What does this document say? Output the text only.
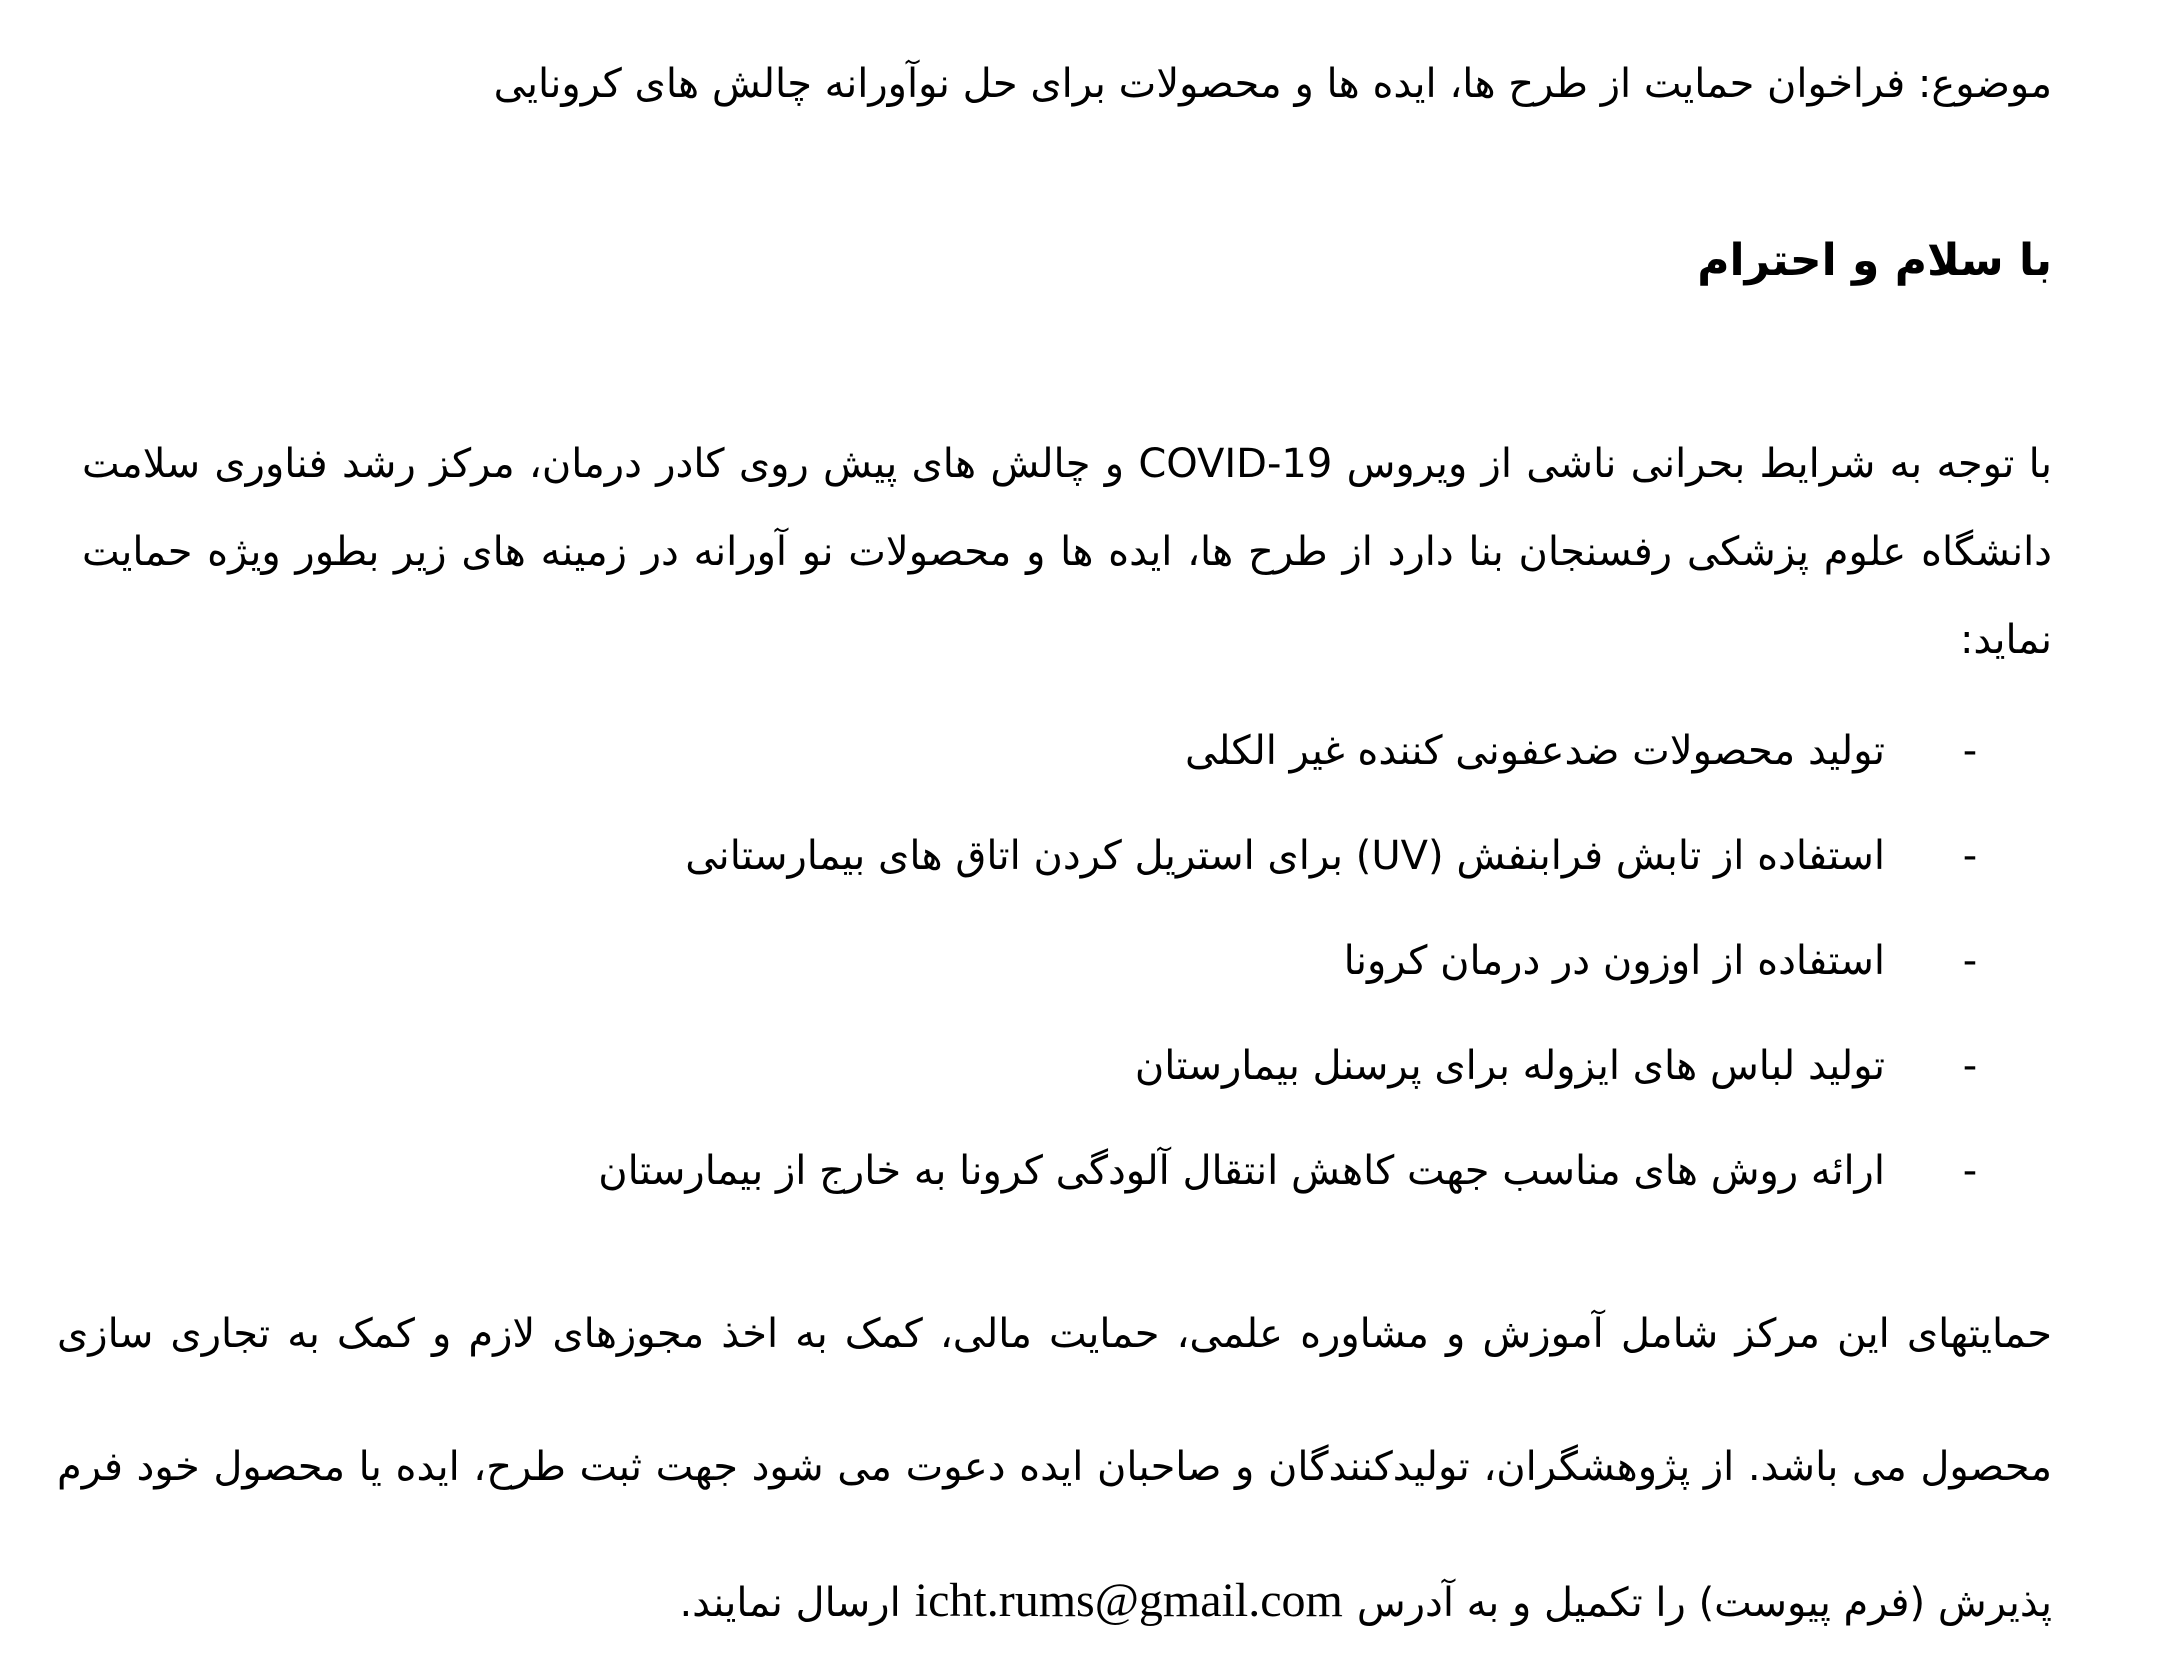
موضوع: فراخوان حمایت از طرح ها، ایده ها و محصولات برای حل نوآورانه چالش های کرونایی

با سلام و احترام

با توجه به شرایط بحرانی ناشی از ویروس COVID-19 و چالش های پیش روی کادر درمان، مرکز رشد فناوری سلامت دانشگاه علوم پزشکی رفسنجان بنا دارد از طرح ها، ایده ها و محصولات نو آورانه در زمینه های زیر بطور ویژه حمایت نماید:

-
تولید محصولات ضدعفونی کننده غیر الکلی
-
استفاده از تابش فرابنفش (UV) برای استریل کردن اتاق های بیمارستانی
-
استفاده از اوزون در درمان کرونا
-
تولید لباس های ایزوله برای پرسنل بیمارستان
-
ارائه روش های مناسب جهت کاهش انتقال آلودگی کرونا به خارج از بیمارستان

حمایتهای این مرکز شامل آموزش و مشاوره علمی، حمایت مالی، کمک به اخذ مجوزهای لازم و کمک به تجاری سازی محصول می باشد. از پژوهشگران، تولیدکنندگان و صاحبان ایده دعوت می شود جهت ثبت طرح، ایده یا محصول خود فرم پذیرش (فرم پیوست) را تکمیل و به آدرسicht.rums@gmail.comارسال نمایند.
